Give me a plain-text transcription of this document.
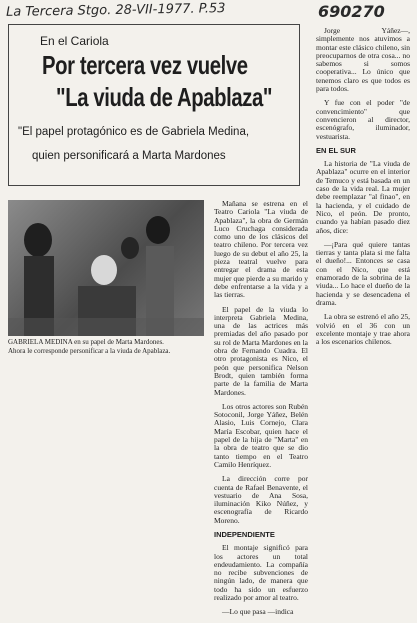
La Tercera Stgo. 28-VII-1977. P.53	690270
En el Cariola
Por tercera vez vuelve
"La viuda de Apablaza"
"El papel protagónico es de Gabriela Medina,
quien personificará a Marta Mardones
GABRIELA MEDINA en su papel de Marta Mardones.
Ahora le corresponde personificar a la viuda de Apablaza.

Mañana se estrena en el Teatro Cariola "La viuda de Apablaza", la obra de Germán Luco Cruchaga considerada como uno de los clásicos del teatro chileno. Por tercera vez luego de su debut el año 25, la pieza teatral vuelve para entregar el drama de esta mujer que pierde a su marido y debe enfrentarse a la vida y a las tierras.

El papel de la viuda lo interpreta Gabriela Medina, una de las actrices más premiadas del año pasado por su rol de Marta Mardones en la obra de Fernando Cuadra. El otro protagonista es Nico, el peón que personifica Nelson Brodt, quien también forma parte de la familia de Marta Mardones.

Los otros actores son Rubén Sotoconil, Jorge Yáñez, Belén Alasio, Luis Cornejo, Clara María Escobar, quien hace el papel de la hija de "Marta" en la obra de teatro que se dio tanto tiempo en el Teatro Camilo Henríquez.

La dirección corre por cuenta de Rafael Benavente, el vestuario de Ana Sosa, iluminación Kiko Núñez, y escenografía de Ricardo Moreno.

INDEPENDIENTE

El montaje significó para los actores un total endeudamiento. La compañía no recibe subvenciones de ningún lado, de manera que todo ha sido un esfuerzo realizado por amor al teatro.

—Lo que pasa —indica

Jorge Yáñez—, simplemente nos atuvimos a montar este clásico chileno, sin preocuparnos de otra cosa... no sabemos si somos cooperativa... Lo único que tenemos claro es que todos es para todos.

Y fue con el poder "de convencimiento" que convencieron al director, escenógrafo, iluminador, vestuarista.

EN EL SUR

La historia de "La viuda de Apablaza" ocurre en el interior de Temuco y está basada en un caso de la vida real. La mujer debe reemplazar "al finao", en la hacienda, y el cuidado de Nico, el peón. De pronto, cuando ya habían pasado diez años, dice:

—¡Para qué quiere tantas tierras y tanta plata si me falta el dueño!... Entonces se casa con el Nico, que está enamorado de la sobrina de la viuda... Lo hace el dueño de la hacienda y se desencadena el drama.

La obra se estrenó el año 25, volvió en el 36 con un excelente montaje y trae ahora a los escenarios chilenos.
